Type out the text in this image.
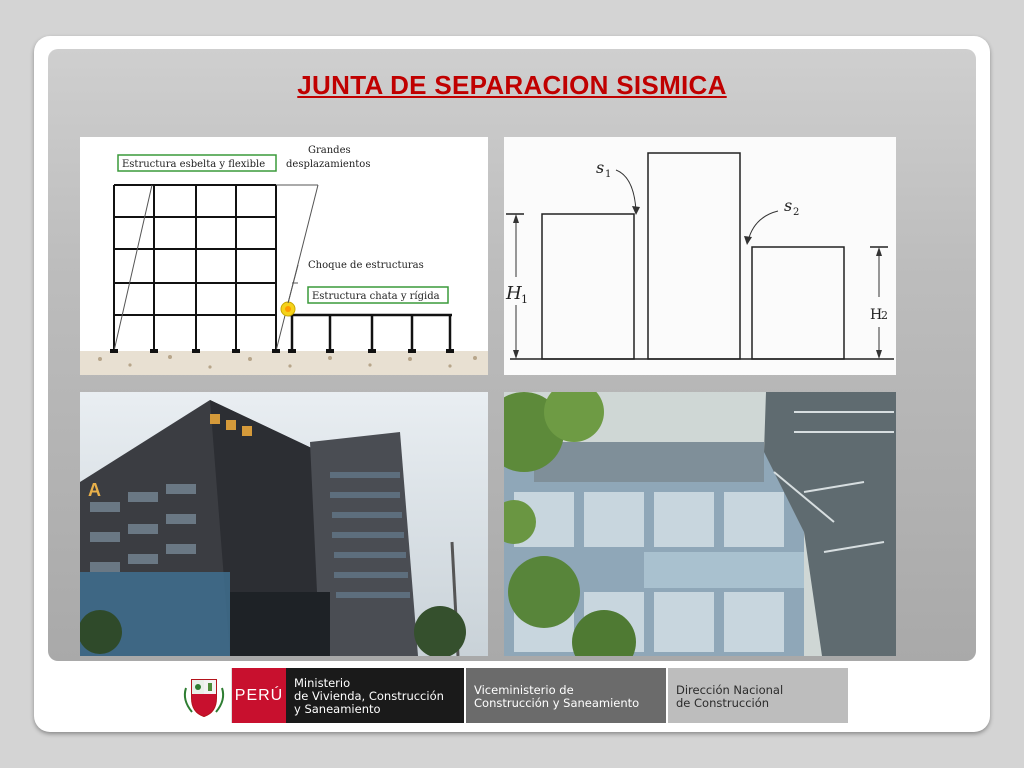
JUNTA DE SEPARACION SISMICA
Estructura esbelta y flexible
Grandes
desplazamientos
Choque de estructuras
Estructura chata y rígida
s 1
s 2
H 1
H
2
A
PERÚ
Ministerio
de Vivienda, Construcción
y Saneamiento
Viceministerio de
Construcción y Saneamiento
Dirección Nacional
de Construcción
